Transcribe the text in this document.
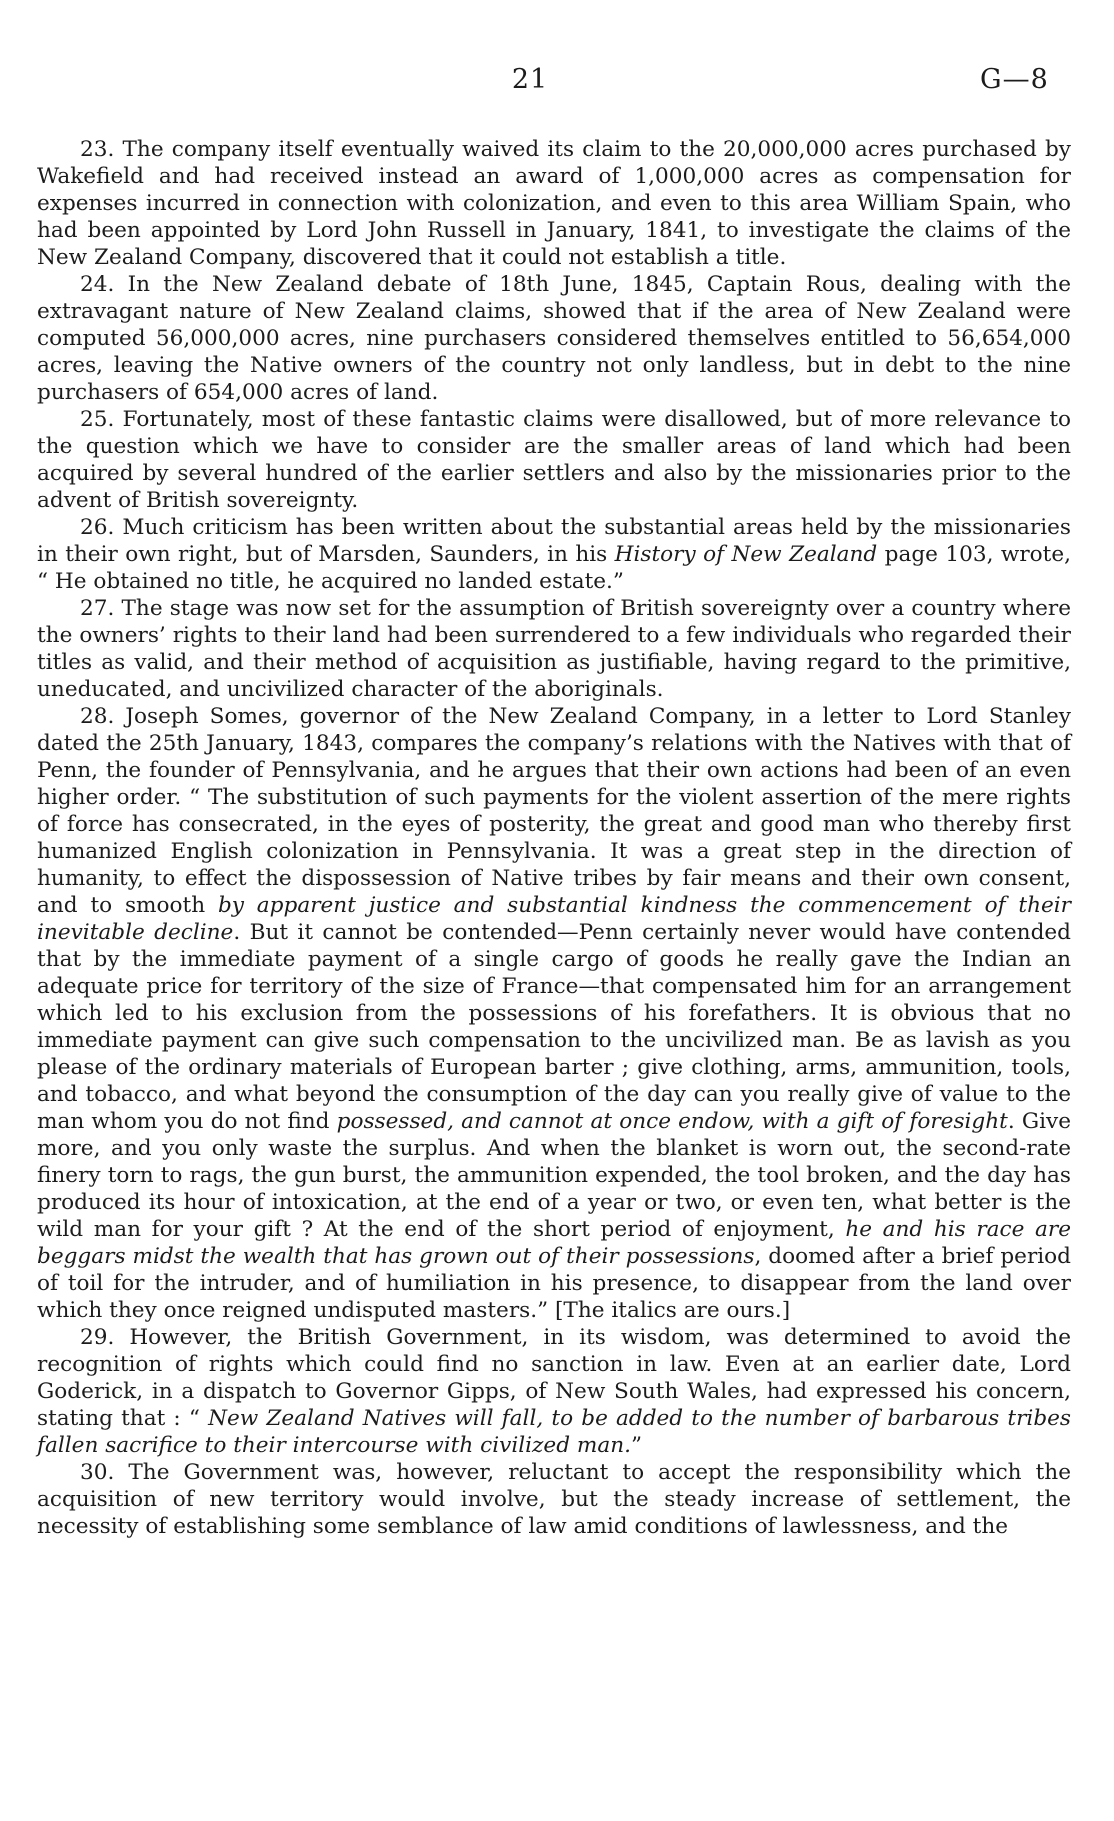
21	G—8

23. The company itself eventually waived its claim to the 20,000,000 acres purchased by Wakefield and had received instead an award of 1,000,000 acres as compensation for expenses incurred in connection with colonization, and even to this area William Spain, who had been appointed by Lord John Russell in January, 1841, to investigate the claims of the New Zealand Company, discovered that it could not establish a title.

24. In the New Zealand debate of 18th June, 1845, Captain Rous, dealing with the extravagant nature of New Zealand claims, showed that if the area of New Zealand were computed 56,000,000 acres, nine purchasers considered themselves entitled to 56,654,000 acres, leaving the Native owners of the country not only landless, but in debt to the nine purchasers of 654,000 acres of land.

25. Fortunately, most of these fantastic claims were disallowed, but of more relevance to the question which we have to consider are the smaller areas of land which had been acquired by several hundred of the earlier settlers and also by the missionaries prior to the advent of British sovereignty.

26. Much criticism has been written about the substantial areas held by the missionaries in their own right, but of Marsden, Saunders, in his History of New Zealand page 103, wrote, “ He obtained no title, he acquired no landed estate.”

27. The stage was now set for the assumption of British sovereignty over a country where the owners’ rights to their land had been surrendered to a few individuals who regarded their titles as valid, and their method of acquisition as justifiable, having regard to the primitive, uneducated, and uncivilized character of the aboriginals.

28. Joseph Somes, governor of the New Zealand Company, in a letter to Lord Stanley dated the 25th January, 1843, compares the company’s relations with the Natives with that of Penn, the founder of Pennsylvania, and he argues that their own actions had been of an even higher order. “ The substitution of such payments for the violent assertion of the mere rights of force has consecrated, in the eyes of posterity, the great and good man who thereby first humanized English colonization in Pennsylvania. It was a great step in the direction of humanity, to effect the dispossession of Native tribes by fair means and their own consent, and to smooth by apparent justice and substantial kindness the commencement of their inevitable decline. But it cannot be contended—Penn certainly never would have contended that by the immediate payment of a single cargo of goods he really gave the Indian an adequate price for territory of the size of France—that compensated him for an arrangement which led to his exclusion from the possessions of his forefathers. It is obvious that no immediate payment can give such compensation to the uncivilized man. Be as lavish as you please of the ordinary materials of European barter ; give clothing, arms, ammunition, tools, and tobacco, and what beyond the consumption of the day can you really give of value to the man whom you do not find possessed, and cannot at once endow, with a gift of foresight. Give more, and you only waste the surplus. And when the blanket is worn out, the second-rate finery torn to rags, the gun burst, the ammunition expended, the tool broken, and the day has produced its hour of intoxication, at the end of a year or two, or even ten, what better is the wild man for your gift ? At the end of the short period of enjoyment, he and his race are beggars midst the wealth that has grown out of their possessions, doomed after a brief period of toil for the intruder, and of humiliation in his presence, to disappear from the land over which they once reigned undisputed masters.” [The italics are ours.]

29. However, the British Government, in its wisdom, was determined to avoid the recognition of rights which could find no sanction in law. Even at an earlier date, Lord Goderick, in a dispatch to Governor Gipps, of New South Wales, had expressed his concern, stating that : “ New Zealand Natives will fall, to be added to the number of barbarous tribes fallen sacrifice to their intercourse with civilized man.”

30. The Government was, however, reluctant to accept the responsibility which the acquisition of new territory would involve, but the steady increase of settlement, the necessity of establishing some semblance of law amid conditions of lawlessness, and the
